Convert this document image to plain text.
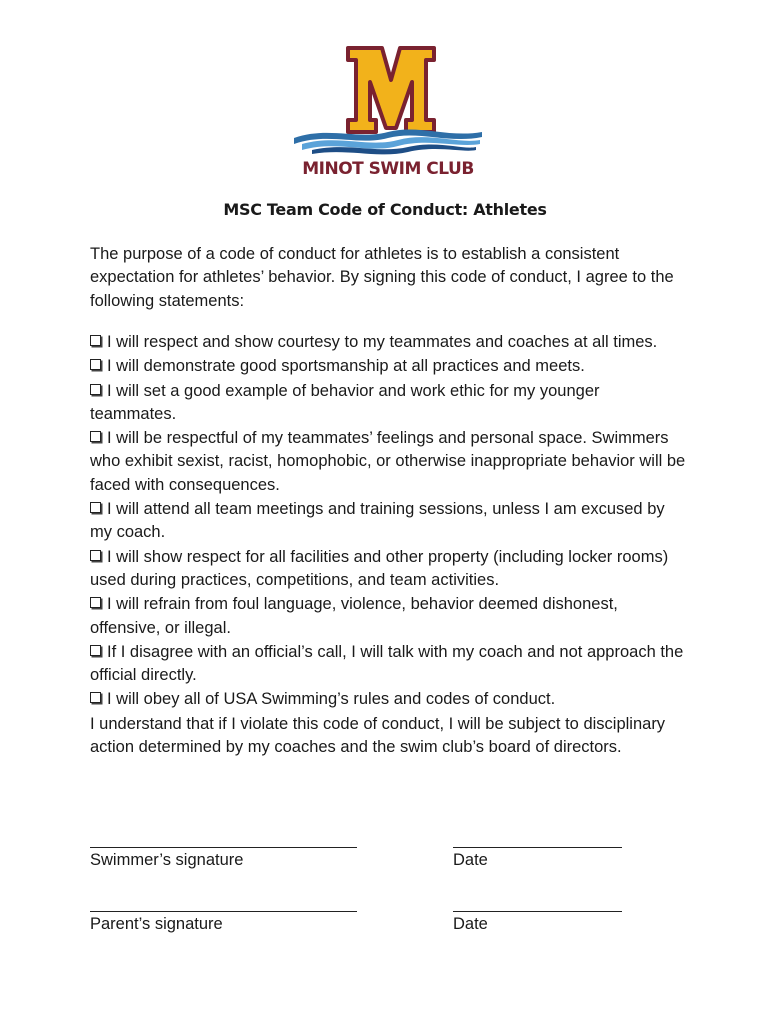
MINOT SWIM CLUB
MSC Team Code of Conduct: Athletes
The purpose of a code of conduct for athletes is to establish a consistent expectation for athletes’ behavior. By signing this code of conduct, I agree to the following statements:
I will respect and show courtesy to my teammates and coaches at all times.
I will demonstrate good sportsmanship at all practices and meets.
I will set a good example of behavior and work ethic for my younger teammates.
I will be respectful of my teammates’ feelings and personal space. Swimmers who exhibit sexist, racist, homophobic, or otherwise inappropriate behavior will be faced with consequences.
I will attend all team meetings and training sessions, unless I am excused by my coach.
I will show respect for all facilities and other property (including locker rooms) used during practices, competitions, and team activities.
I will refrain from foul language, violence, behavior deemed dishonest, offensive, or illegal.
If I disagree with an official’s call, I will talk with my coach and not approach the official directly.
I will obey all of USA Swimming’s rules and codes of conduct.
I understand that if I violate this code of conduct, I will be subject to disciplinary action determined by my coaches and the swim club’s board of directors.
______________________________	___________________
Swimmer’s signature	Date
______________________________	___________________
Parent’s signature	Date
